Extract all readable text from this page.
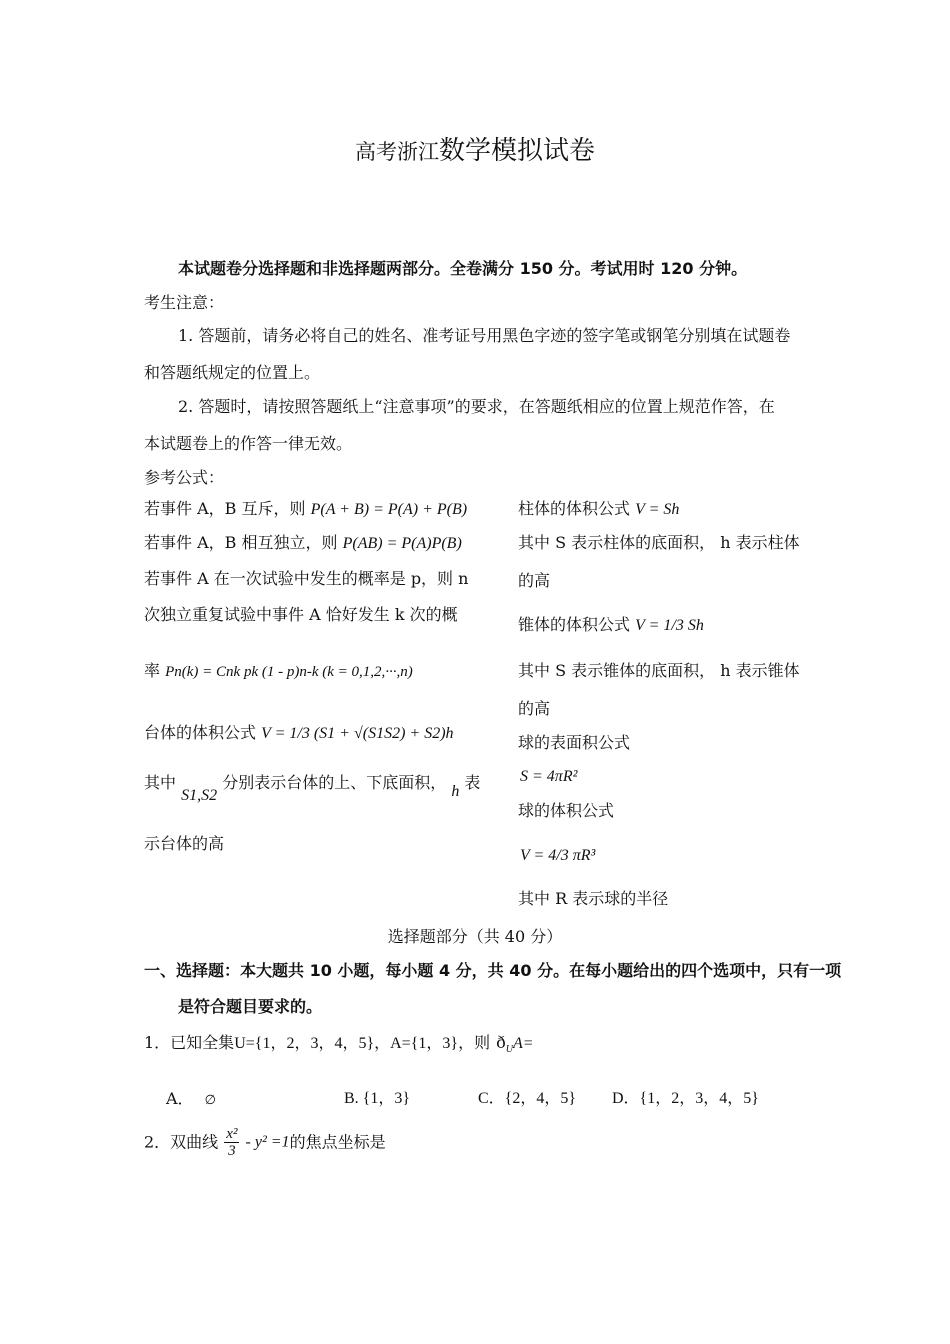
高考浙江数学模拟试卷
本试题卷分选择题和非选择题两部分。全卷满分 150 分。考试用时 120 分钟。
考生注意：
1. 答题前，请务必将自己的姓名、准考证号用黑色字迹的签字笔或钢笔分别填在试题卷
和答题纸规定的位置上。
2. 答题时，请按照答题纸上“注意事项”的要求，在答题纸相应的位置上规范作答，在
本试题卷上的作答一律无效。
参考公式：
若事件 A，B 互斥，则 P(A + B) = P(A) + P(B)
若事件 A，B 相互独立，则 P(AB) = P(A)P(B)
若事件 A 在一次试验中发生的概率是 p，则 n
次独立重复试验中事件 A 恰好发生 k 次的概
率 Pn(k) = Cnk pk (1 - p)n-k (k = 0,1,2,···,n)
台体的体积公式 V = 1/3 (S1 + √(S1S2) + S2)h
其中 S1,S2 分别表示台体的上、下底面积， h 表
示台体的高
柱体的体积公式 V = Sh
其中 S 表示柱体的底面积， h 表示柱体
的高
锥体的体积公式 V = 1/3 Sh
其中 S 表示锥体的底面积， h 表示锥体
的高
球的表面积公式
S = 4πR²
球的体积公式
V = 4/3 πR³
其中 R 表示球的半径
选择题部分（共 40 分）
一、选择题：本大题共 10 小题，每小题 4 分，共 40 分。在每小题给出的四个选项中，只有一项
是符合题目要求的。
1．已知全集U={1，2，3，4，5}，A={1，3}，则 $ð_UA=$
A． ∅	B. {1，3}	C．{2，4，5} D．{1，2，3，4，5}
2．双曲线 $\frac{\text{x²}}{3} - y^2 =1$的焦点坐标是
